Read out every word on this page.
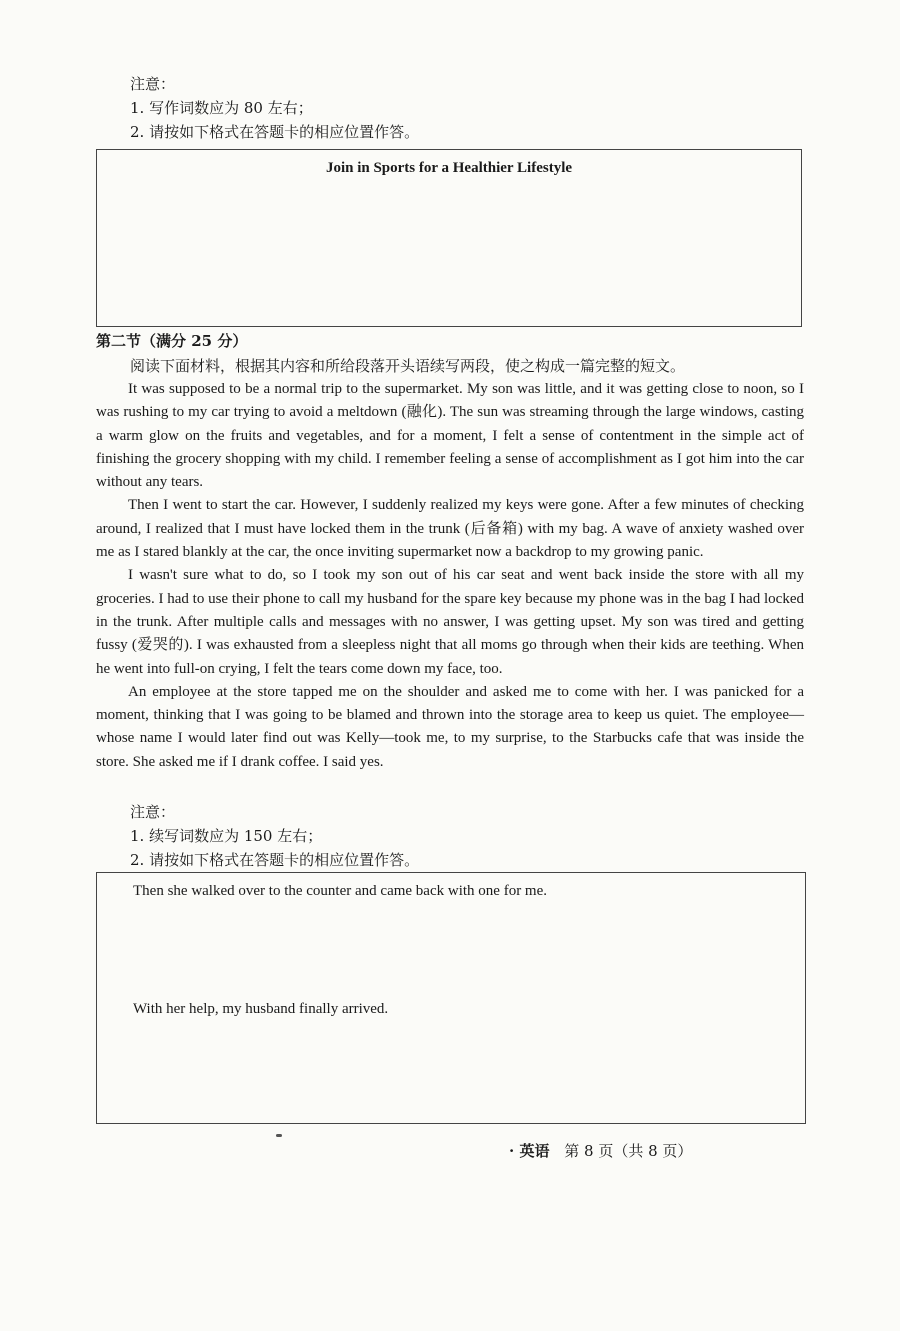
注意：
1. 写作词数应为 80 左右；
2. 请按如下格式在答题卡的相应位置作答。
Join in Sports for a Healthier Lifestyle
第二节（满分 25 分）
阅读下面材料，根据其内容和所给段落开头语续写两段，使之构成一篇完整的短文。

It was supposed to be a normal trip to the supermarket. My son was little, and it was getting close to noon, so I was rushing to my car trying to avoid a meltdown (融化). The sun was streaming through the large windows, casting a warm glow on the fruits and vegetables, and for a moment, I felt a sense of contentment in the simple act of finishing the grocery shopping with my child. I remember feeling a sense of accomplishment as I got him into the car without any tears.

Then I went to start the car. However, I suddenly realized my keys were gone. After a few minutes of checking around, I realized that I must have locked them in the trunk (后备箱) with my bag. A wave of anxiety washed over me as I stared blankly at the car, the once inviting supermarket now a backdrop to my growing panic.

I wasn't sure what to do, so I took my son out of his car seat and went back inside the store with all my groceries. I had to use their phone to call my husband for the spare key because my phone was in the bag I had locked in the trunk. After multiple calls and messages with no answer, I was getting upset. My son was tired and getting fussy (爱哭的). I was exhausted from a sleepless night that all moms go through when their kids are teething. When he went into full-on crying, I felt the tears come down my face, too.

An employee at the store tapped me on the shoulder and asked me to come with her. I was panicked for a moment, thinking that I was going to be blamed and thrown into the storage area to keep us quiet. The employee—whose name I would later find out was Kelly—took me, to my surprise, to the Starbucks cafe that was inside the store. She asked me if I drank coffee. I said yes.

注意：
1. 续写词数应为 150 左右；
2. 请按如下格式在答题卡的相应位置作答。
Then she walked over to the counter and came back with one for me.
With her help, my husband finally arrived.
· 英语 第 8 页（共 8 页）
